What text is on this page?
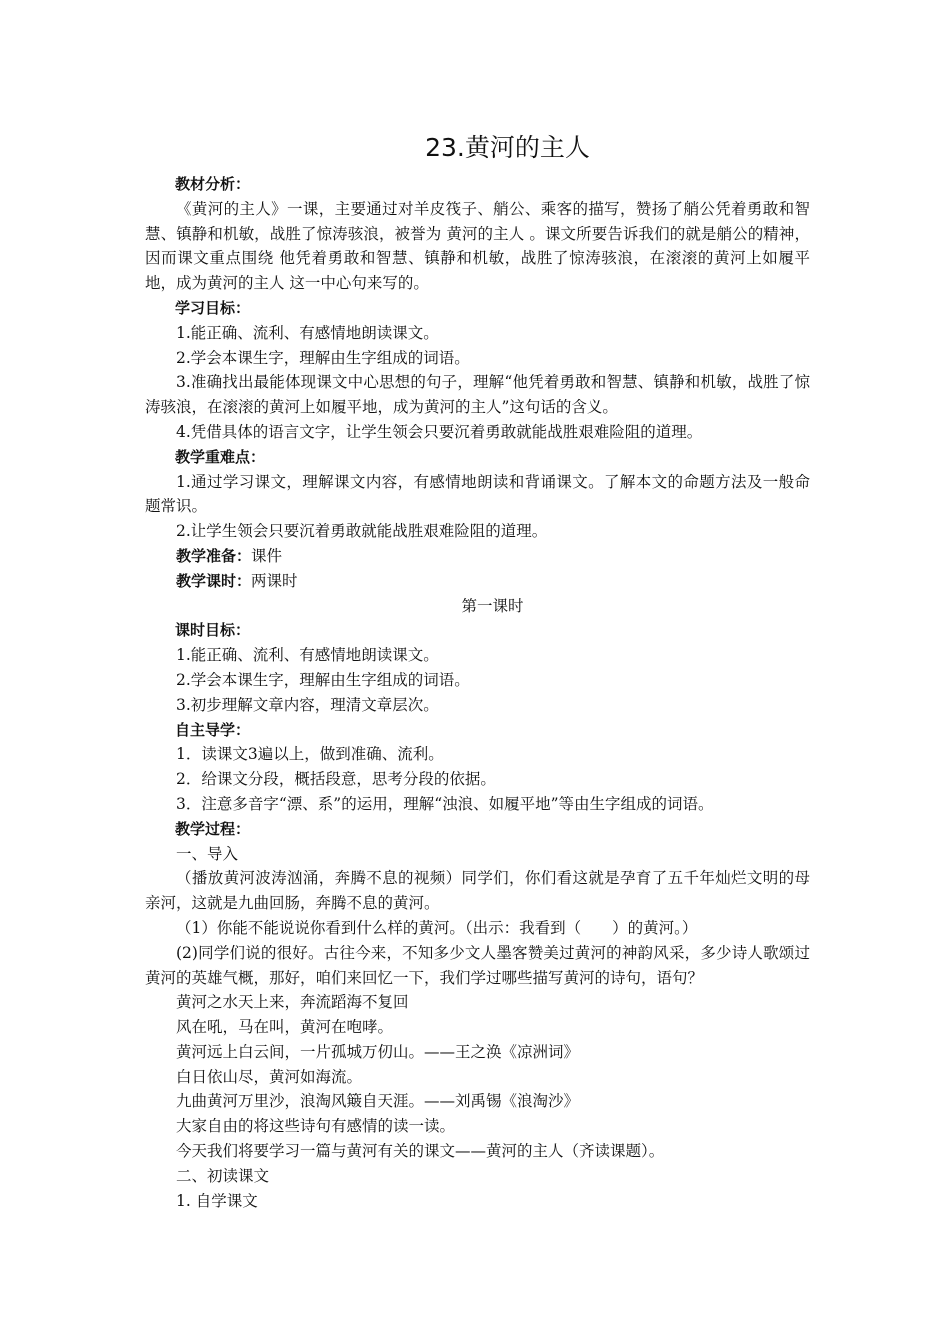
23.黄河的主人

教材分析：

《黄河的主人》一课，主要通过对羊皮筏子、艄公、乘客的描写，赞扬了艄公凭着勇敢和智慧、镇静和机敏，战胜了惊涛骇浪，被誉为 黄河的主人 。课文所要告诉我们的就是艄公的精神，因而课文重点围绕 他凭着勇敢和智慧、镇静和机敏，战胜了惊涛骇浪，在滚滚的黄河上如履平地，成为黄河的主人 这一中心句来写的。

学习目标：

1.能正确、流利、有感情地朗读课文。

2.学会本课生字，理解由生字组成的词语。

3.准确找出最能体现课文中心思想的句子，理解“他凭着勇敢和智慧、镇静和机敏，战胜了惊涛骇浪，在滚滚的黄河上如履平地，成为黄河的主人”这句话的含义。

4.凭借具体的语言文字，让学生领会只要沉着勇敢就能战胜艰难险阻的道理。

教学重难点：

1.通过学习课文，理解课文内容，有感情地朗读和背诵课文。了解本文的命题方法及一般命题常识。

2.让学生领会只要沉着勇敢就能战胜艰难险阻的道理。

教学准备：课件

教学课时：两课时

第一课时

课时目标：

1.能正确、流利、有感情地朗读课文。

2.学会本课生字，理解由生字组成的词语。

3.初步理解文章内容，理清文章层次。

自主导学：

1．读课文3遍以上，做到准确、流利。

2．给课文分段，概括段意，思考分段的依据。

3．注意多音字“漂、系”的运用，理解“浊浪、如履平地”等由生字组成的词语。

教学过程：

一、导入

（播放黄河波涛汹涌，奔腾不息的视频）同学们，你们看这就是孕育了五千年灿烂文明的母亲河，这就是九曲回肠，奔腾不息的黄河。

（1）你能不能说说你看到什么样的黄河。（出示：我看到（　　）的黄河。）

(2)同学们说的很好。古往今来，不知多少文人墨客赞美过黄河的神韵风采，多少诗人歌颂过黄河的英雄气概，那好，咱们来回忆一下，我们学过哪些描写黄河的诗句，语句？

黄河之水天上来，奔流蹈海不复回

风在吼，马在叫，黄河在咆哮。

黄河远上白云间，一片孤城万仞山。——王之涣《凉洲词》

白日依山尽，黄河如海流。

九曲黄河万里沙，浪淘风簸自天涯。——刘禹锡《浪淘沙》

大家自由的将这些诗句有感情的读一读。

今天我们将要学习一篇与黄河有关的课文——黄河的主人（齐读课题）。

二、初读课文

1. 自学课文
